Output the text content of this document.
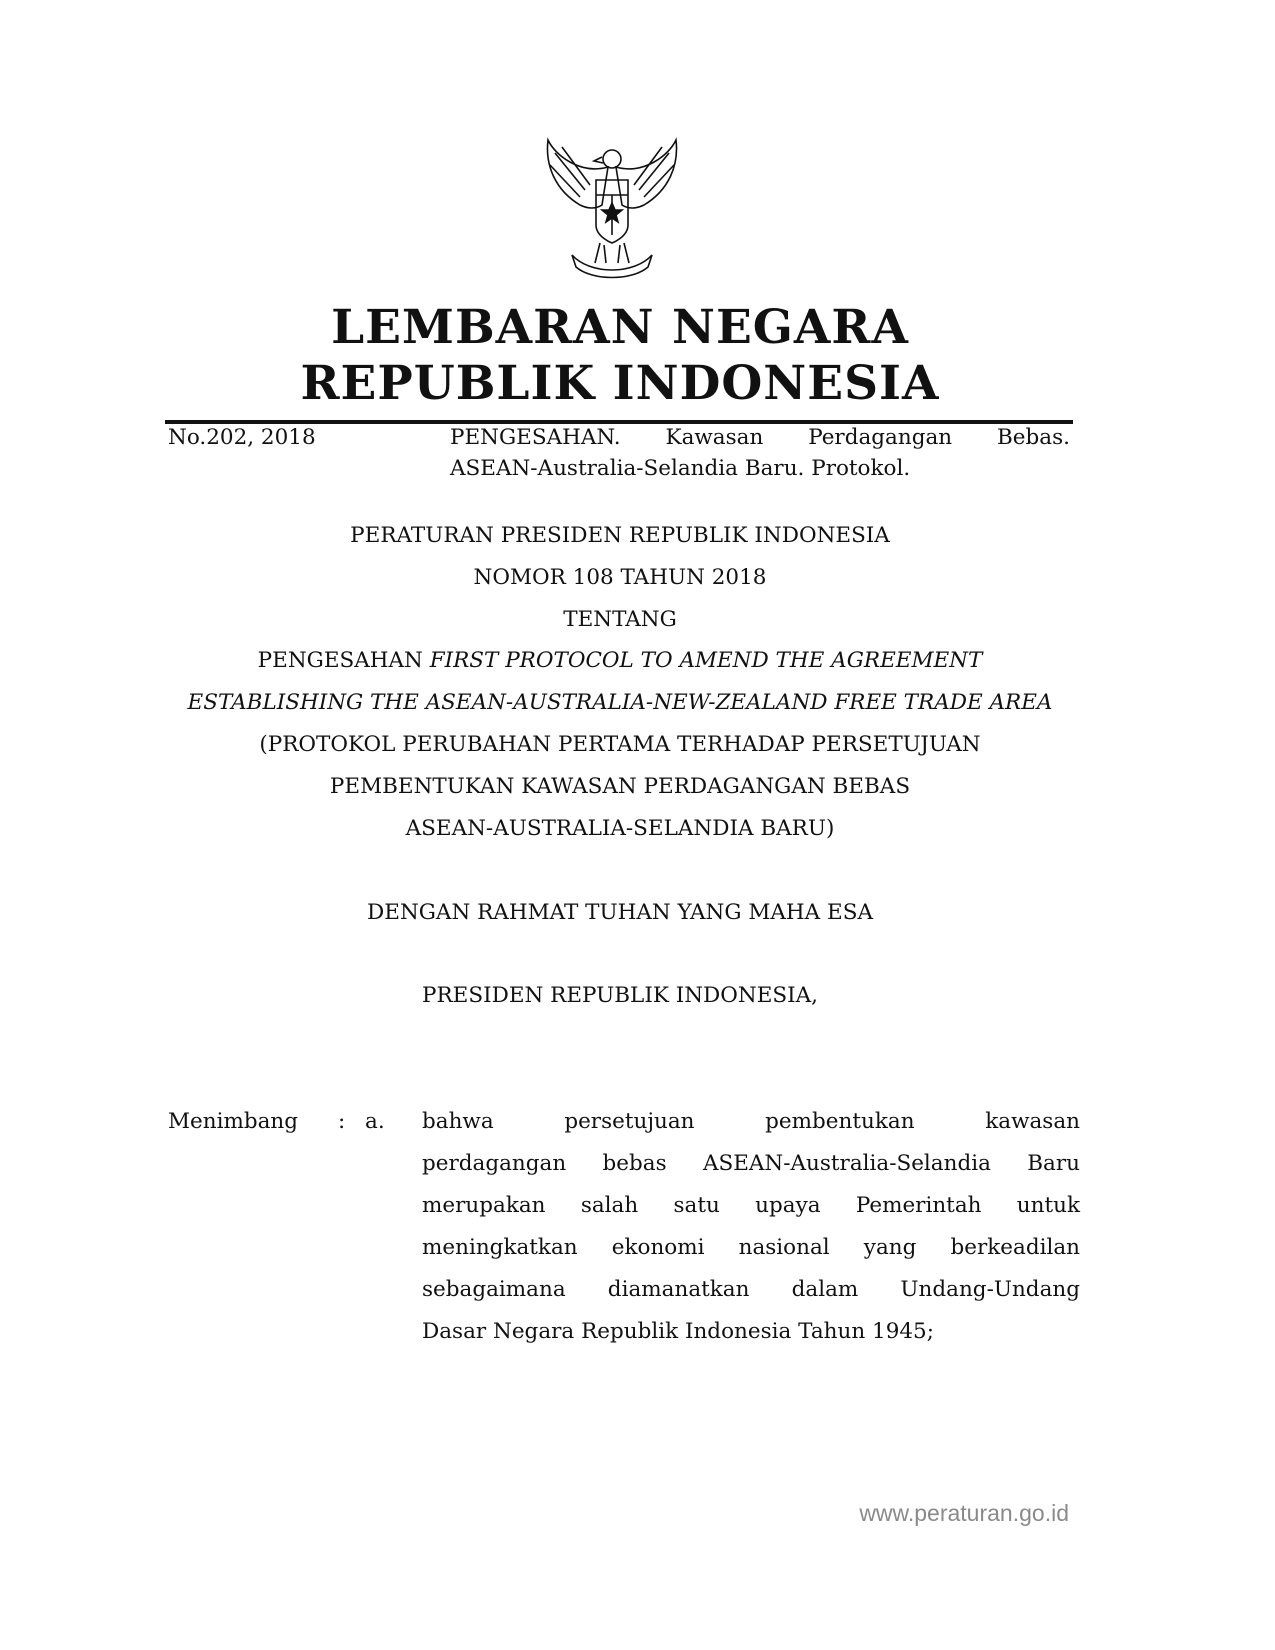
LEMBARAN NEGARA
REPUBLIK INDONESIA
No.202, 2018	PENGESAHAN. Kawasan Perdagangan Bebas.
ASEAN-Australia-Selandia Baru. Protokol.
PERATURAN PRESIDEN REPUBLIK INDONESIA
NOMOR 108 TAHUN 2018
TENTANG
PENGESAHAN FIRST PROTOCOL TO AMEND THE AGREEMENT
ESTABLISHING THE ASEAN-AUSTRALIA-NEW-ZEALAND FREE TRADE AREA
(PROTOKOL PERUBAHAN PERTAMA TERHADAP PERSETUJUAN
PEMBENTUKAN KAWASAN PERDAGANGAN BEBAS
ASEAN-AUSTRALIA-SELANDIA BARU)
DENGAN RAHMAT TUHAN YANG MAHA ESA
PRESIDEN REPUBLIK INDONESIA,
Menimbang : a. bahwa persetujuan pembentukan kawasan
perdagangan bebas ASEAN-Australia-Selandia Baru
merupakan salah satu upaya Pemerintah untuk
meningkatkan ekonomi nasional yang berkeadilan
sebagaimana diamanatkan dalam Undang-Undang
Dasar Negara Republik Indonesia Tahun 1945;
www.peraturan.go.id
